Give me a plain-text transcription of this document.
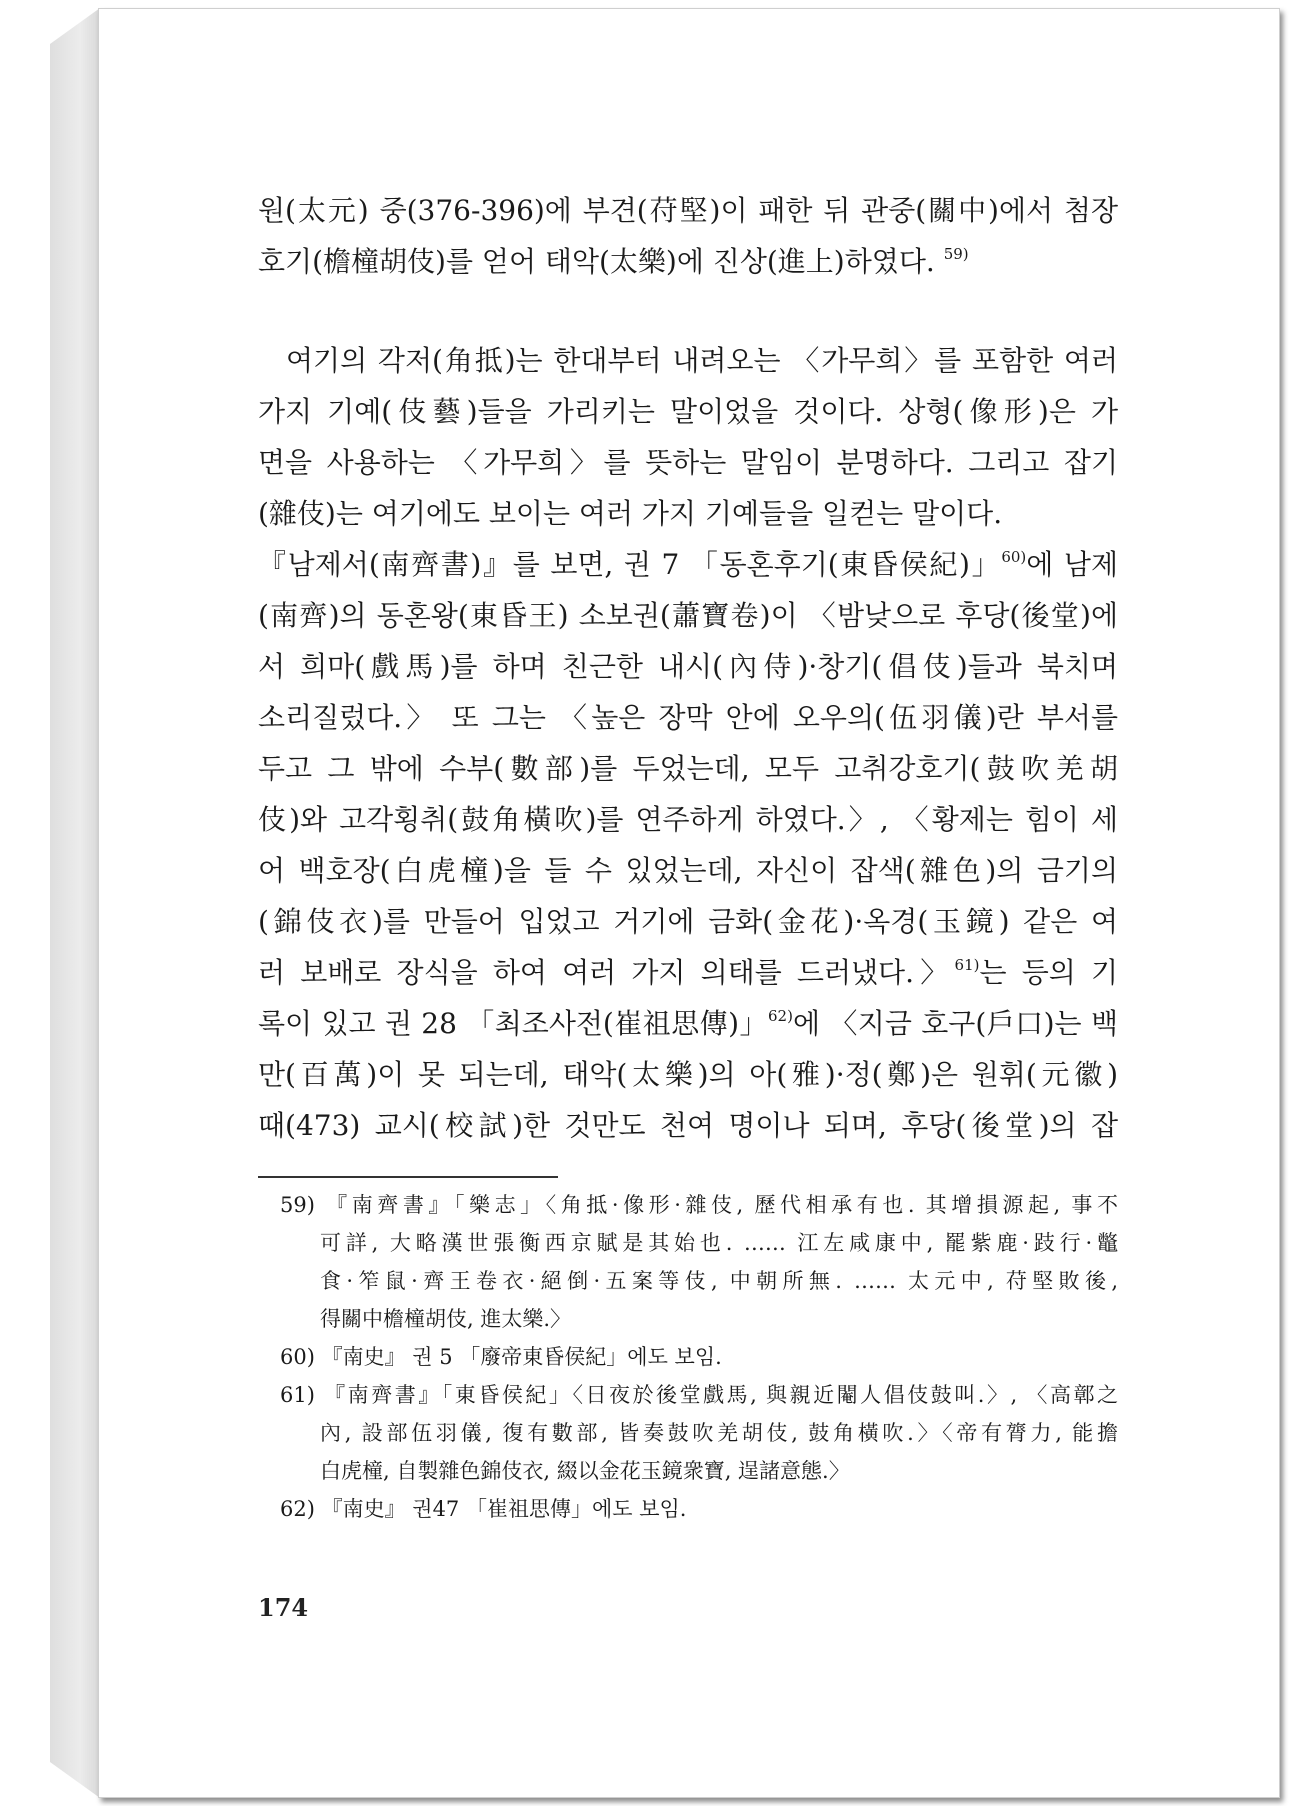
원(太元) 중(376-396)에 부견(苻堅)이 패한 뒤 관중(關中)에서 첨장
호기(檐橦胡伎)를 얻어 태악(太樂)에 진상(進上)하였다. $^{59)}$
여기의 각저(角抵)는 한대부터 내려오는 〈가무희〉를 포함한 여러
가지 기예(伎藝)들을 가리키는 말이었을 것이다. 상형(像形)은 가
면을 사용하는 〈가무희〉를 뜻하는 말임이 분명하다. 그리고 잡기
(雜伎)는 여기에도 보이는 여러 가지 기예들을 일컫는 말이다.
『남제서(南齊書)』를 보면, 권 7 「동혼후기(東昏侯紀)」$^{60)}$에 남제
(南齊)의 동혼왕(東昏王) 소보권(蕭寶卷)이 〈밤낮으로 후당(後堂)에
서 희마(戲馬)를 하며 친근한 내시(內侍)·창기(倡伎)들과 북치며
소리질렀다.〉 또 그는 〈높은 장막 안에 오우의(伍羽儀)란 부서를
두고 그 밖에 수부(數部)를 두었는데, 모두 고취강호기(鼓吹羌胡
伎)와 고각횡취(鼓角橫吹)를 연주하게 하였다.〉, 〈황제는 힘이 세
어 백호장(白虎橦)을 들 수 있었는데, 자신이 잡색(雜色)의 금기의
(錦伎衣)를 만들어 입었고 거기에 금화(金花)·옥경(玉鏡) 같은 여
러 보배로 장식을 하여 여러 가지 의태를 드러냈다.〉$^{61)}$는 등의 기
록이 있고 권 28 「최조사전(崔祖思傳)」$^{62)}$에 〈지금 호구(戶口)는 백
만(百萬)이 못 되는데, 태악(太樂)의 아(雅)·정(鄭)은 원휘(元徽)
때(473) 교시(校試)한 것만도 천여 명이나 되며, 후당(後堂)의 잡
59) 『南齊書』「樂志」〈角抵·像形·雜伎, 歷代相承有也. 其增損源起, 事不
可詳, 大略漢世張衡西京賦是其始也. …… 江左咸康中, 罷紫鹿·跂行·鼈
食·笮鼠·齊王卷衣·絕倒·五案等伎, 中朝所無. …… 太元中, 苻堅敗後,
得關中檐橦胡伎, 進太樂.〉
60) 『南史』 권 5 「廢帝東昏侯紀」에도 보임.
61) 『南齊書』「東昏侯紀」〈日夜於後堂戲馬, 與親近閹人倡伎鼓叫.〉, 〈高鄣之
內, 設部伍羽儀, 復有數部, 皆奏鼓吹羌胡伎, 鼓角橫吹.〉〈帝有膂力, 能擔
白虎橦, 自製雜色錦伎衣, 綴以金花玉鏡衆寶, 逞諸意態.〉
62) 『南史』 권47 「崔祖思傳」에도 보임.
174
